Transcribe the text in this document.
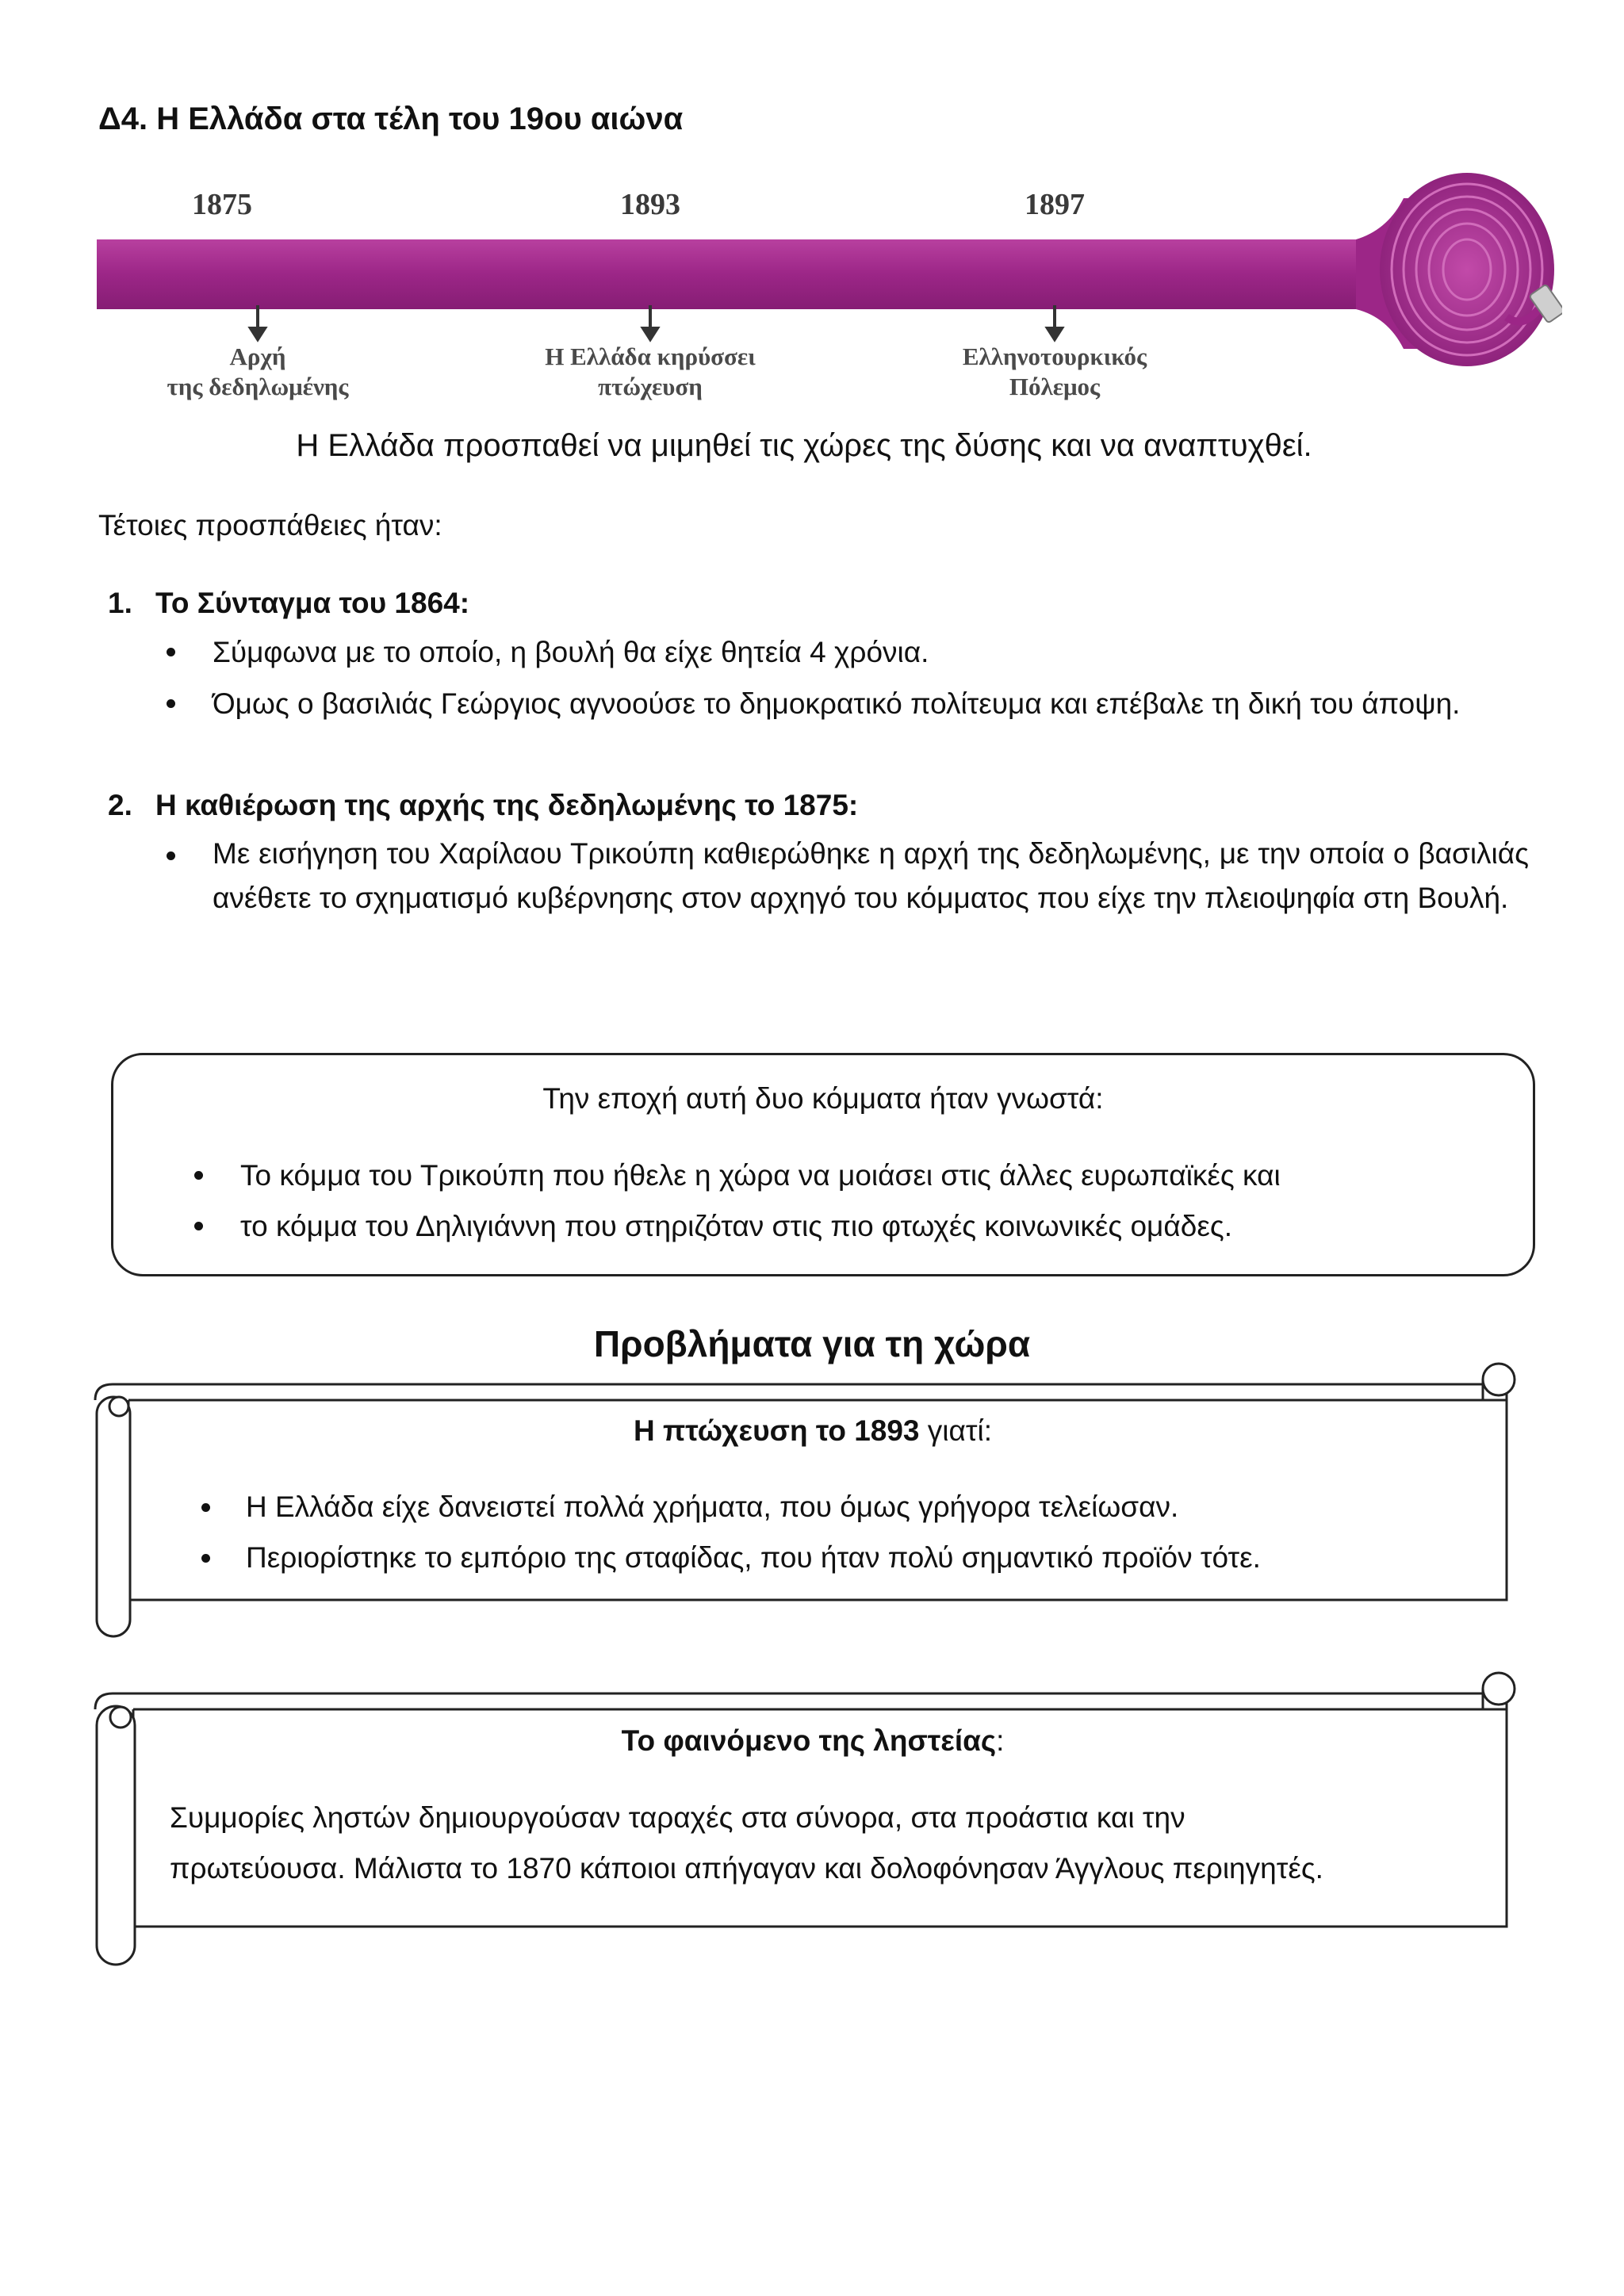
Δ4. Η Ελλάδα στα τέλη του 19ου αιώνα
1875	1893	1897
Αρχή
της δεδηλωμένης
Η Ελλάδα κηρύσσει
πτώχευση
Ελληνοτουρκικός
Πόλεμος
Η Ελλάδα προσπαθεί να μιμηθεί τις χώρες της δύσης και να αναπτυχθεί.
Τέτοιες προσπάθειες ήταν:
1. Το Σύνταγμα του 1864:
Σύμφωνα με το οποίο, η βουλή θα είχε θητεία 4 χρόνια.
Όμως ο βασιλιάς Γεώργιος αγνοούσε το δημοκρατικό πολίτευμα και επέβαλε τη δική του άποψη.
2. Η καθιέρωση της αρχής της δεδηλωμένης το 1875:
Με εισήγηση του Χαρίλαου Τρικούπη καθιερώθηκε η αρχή της δεδηλωμένης, με την οποία ο βασιλιάς ανέθετε το σχηματισμό κυβέρνησης στον αρχηγό του κόμματος που είχε την πλειοψηφία στη Βουλή.
Την εποχή αυτή δυο κόμματα ήταν γνωστά:
Το κόμμα του Τρικούπη που ήθελε η χώρα να μοιάσει στις άλλες ευρωπαϊκές και
το κόμμα του Δηλιγιάννη που στηριζόταν στις πιο φτωχές κοινωνικές ομάδες.
Προβλήματα για τη χώρα
Η πτώχευση το 1893 γιατί:
Η Ελλάδα είχε δανειστεί πολλά χρήματα, που όμως γρήγορα τελείωσαν.
Περιορίστηκε το εμπόριο της σταφίδας, που ήταν πολύ σημαντικό προϊόν τότε.
Το φαινόμενο της ληστείας:
Συμμορίες ληστών δημιουργούσαν ταραχές στα σύνορα, στα προάστια και την
πρωτεύουσα. Μάλιστα το 1870 κάποιοι απήγαγαν και δολοφόνησαν Άγγλους περιηγητές.
